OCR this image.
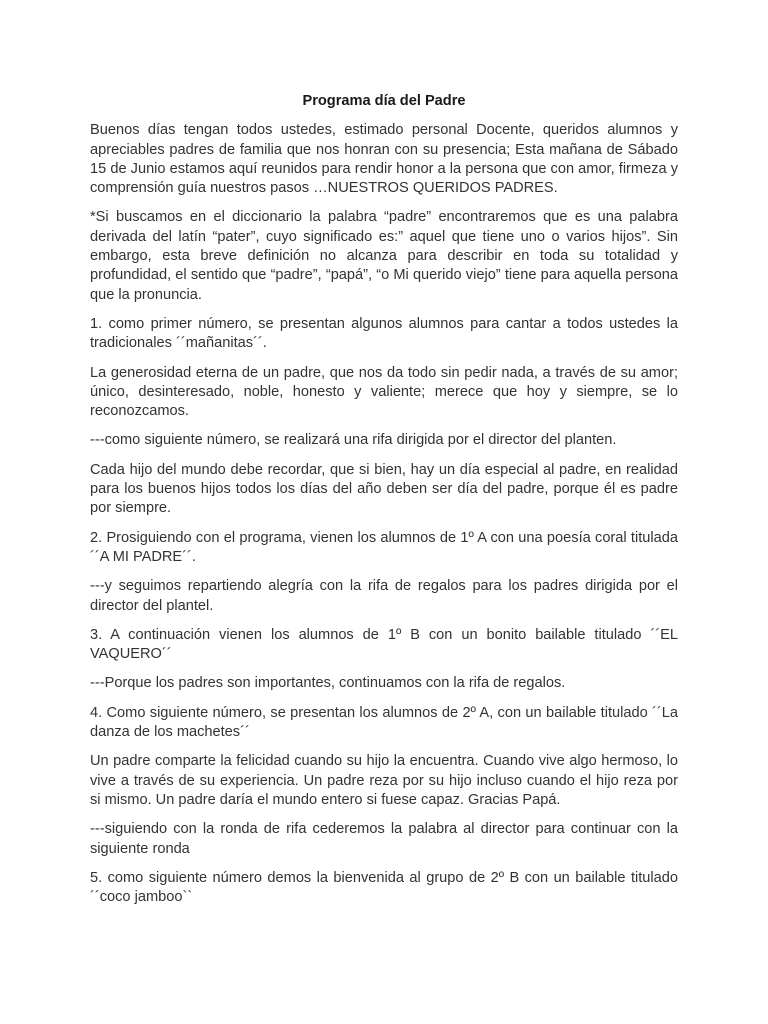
Programa día del Padre

Buenos días tengan todos ustedes, estimado personal Docente, queridos alumnos y apreciables padres de familia que nos honran con su presencia; Esta mañana de Sábado 15 de Junio estamos aquí reunidos para rendir honor a la persona que con amor, firmeza y comprensión guía nuestros pasos …NUESTROS QUERIDOS PADRES.

*Si buscamos en el diccionario la palabra “padre” encontraremos que es una palabra derivada del latín “pater”, cuyo significado es:” aquel que tiene uno o varios hijos”. Sin embargo, esta breve definición no alcanza para describir en toda su totalidad y profundidad, el sentido que “padre”, “papá”, “o Mi querido viejo” tiene para aquella persona que la pronuncia.

1. como primer número, se presentan algunos alumnos para cantar a todos ustedes la tradicionales ´´mañanitas´´.

La generosidad eterna de un padre, que nos da todo sin pedir nada, a través de su amor; único, desinteresado, noble, honesto y valiente; merece que hoy y siempre, se lo reconozcamos.

---como siguiente número, se realizará una rifa dirigida por el director del planten.

Cada hijo del mundo debe recordar, que si bien, hay un día especial al padre, en realidad para los buenos hijos todos los días del año deben ser día del padre, porque él es padre por siempre.

2. Prosiguiendo con el programa, vienen los alumnos de 1º A con una poesía coral titulada ´´A MI PADRE´´.

---y seguimos repartiendo alegría con la rifa de regalos para los padres dirigida por el director del plantel.

3. A continuación vienen los alumnos de 1º B con un bonito bailable titulado ´´EL VAQUERO´´

---Porque los padres son importantes, continuamos con la rifa de regalos.

4. Como siguiente número, se presentan los alumnos de 2º A, con un bailable titulado ´´La danza de los machetes´´

Un padre comparte la felicidad cuando su hijo la encuentra. Cuando vive algo hermoso, lo vive a través de su experiencia. Un padre reza por su hijo incluso cuando el hijo reza por si mismo. Un padre daría el mundo entero si fuese capaz. Gracias Papá.

---siguiendo con la ronda de rifa cederemos la palabra al director para continuar con la siguiente ronda

5. como siguiente número demos la bienvenida al grupo de 2º B con un bailable titulado ´´coco jamboo``
